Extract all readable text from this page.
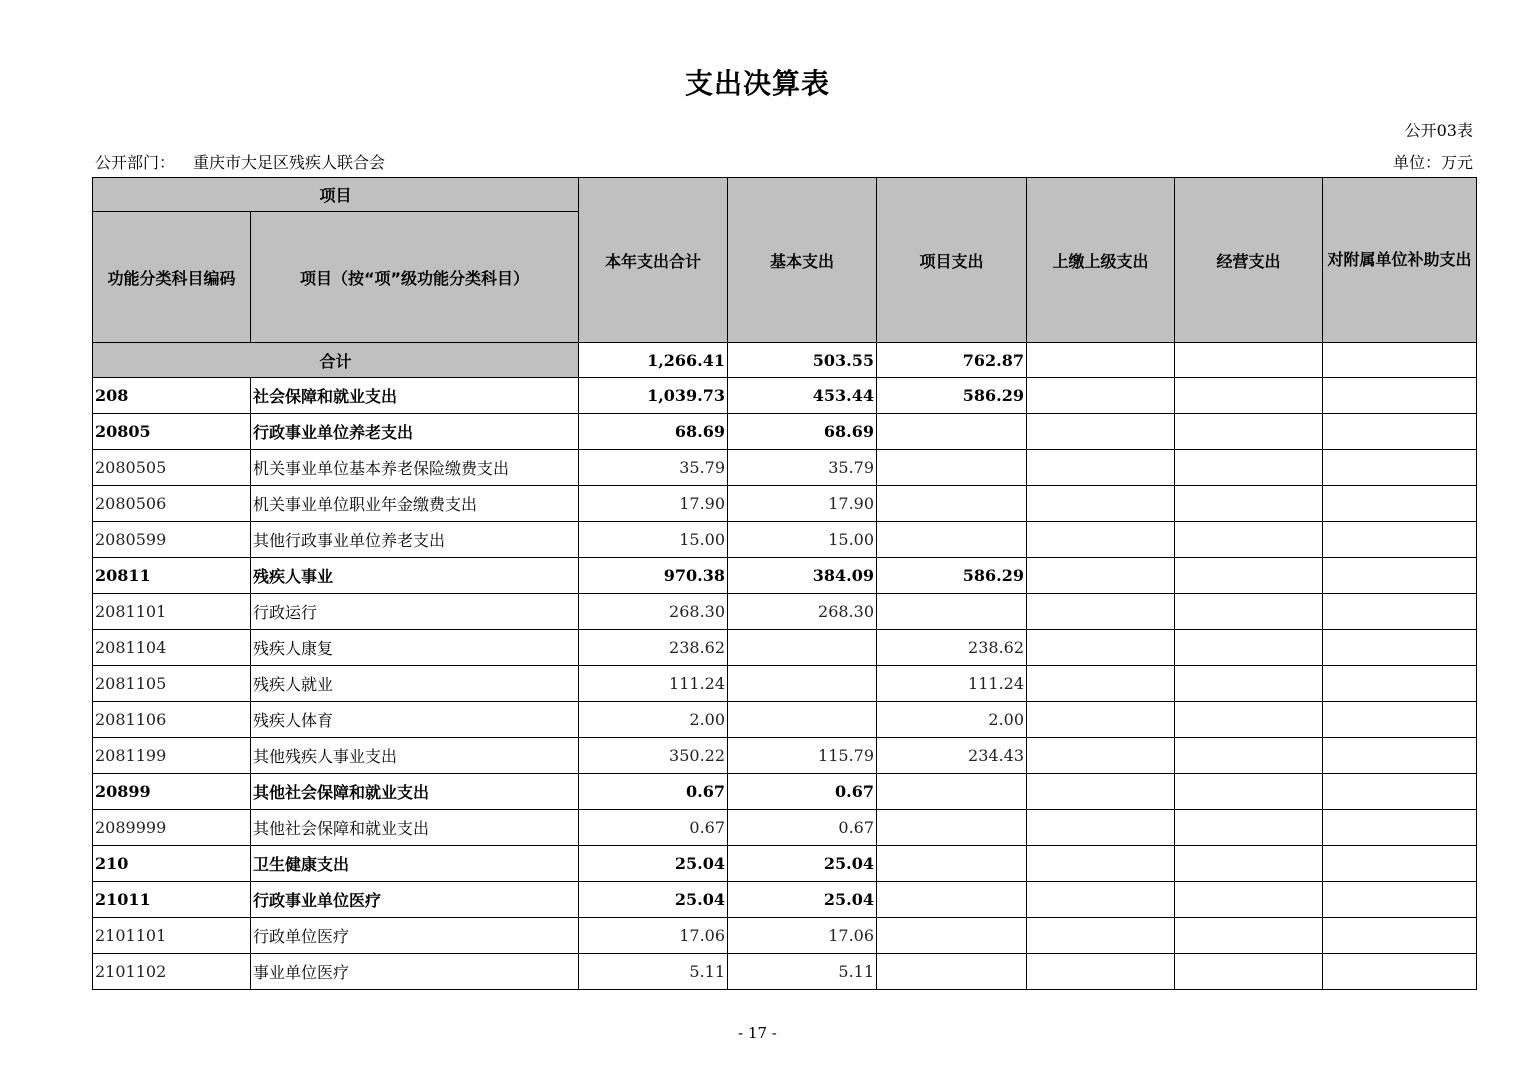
支出决算表
公开03表
公开部门： 重庆市大足区残疾人联合会	单位：万元
项目		本年支出合计	基本支出	项目支出	上缴上级支出	经营支出	对附属单位补助支出
功能分类科目编码	项目（按“项”级功能分类科目）						
合计		1,266.41	503.55	762.87			
208	社会保障和就业支出	1,039.73	453.44	586.29			
20805	行政事业单位养老支出	68.69	68.69				
2080505	机关事业单位基本养老保险缴费支出	35.79	35.79				
2080506	机关事业单位职业年金缴费支出	17.90	17.90				
2080599	其他行政事业单位养老支出	15.00	15.00				
20811	残疾人事业	970.38	384.09	586.29			
2081101	行政运行	268.30	268.30				
2081104	残疾人康复	238.62		238.62			
2081105	残疾人就业	111.24		111.24			
2081106	残疾人体育	2.00		2.00			
2081199	其他残疾人事业支出	350.22	115.79	234.43			
20899	其他社会保障和就业支出	0.67	0.67				
2089999	其他社会保障和就业支出	0.67	0.67				
210	卫生健康支出	25.04	25.04				
21011	行政事业单位医疗	25.04	25.04				
2101101	行政单位医疗	17.06	17.06				
2101102	事业单位医疗	5.11	5.11				
- 17 -
